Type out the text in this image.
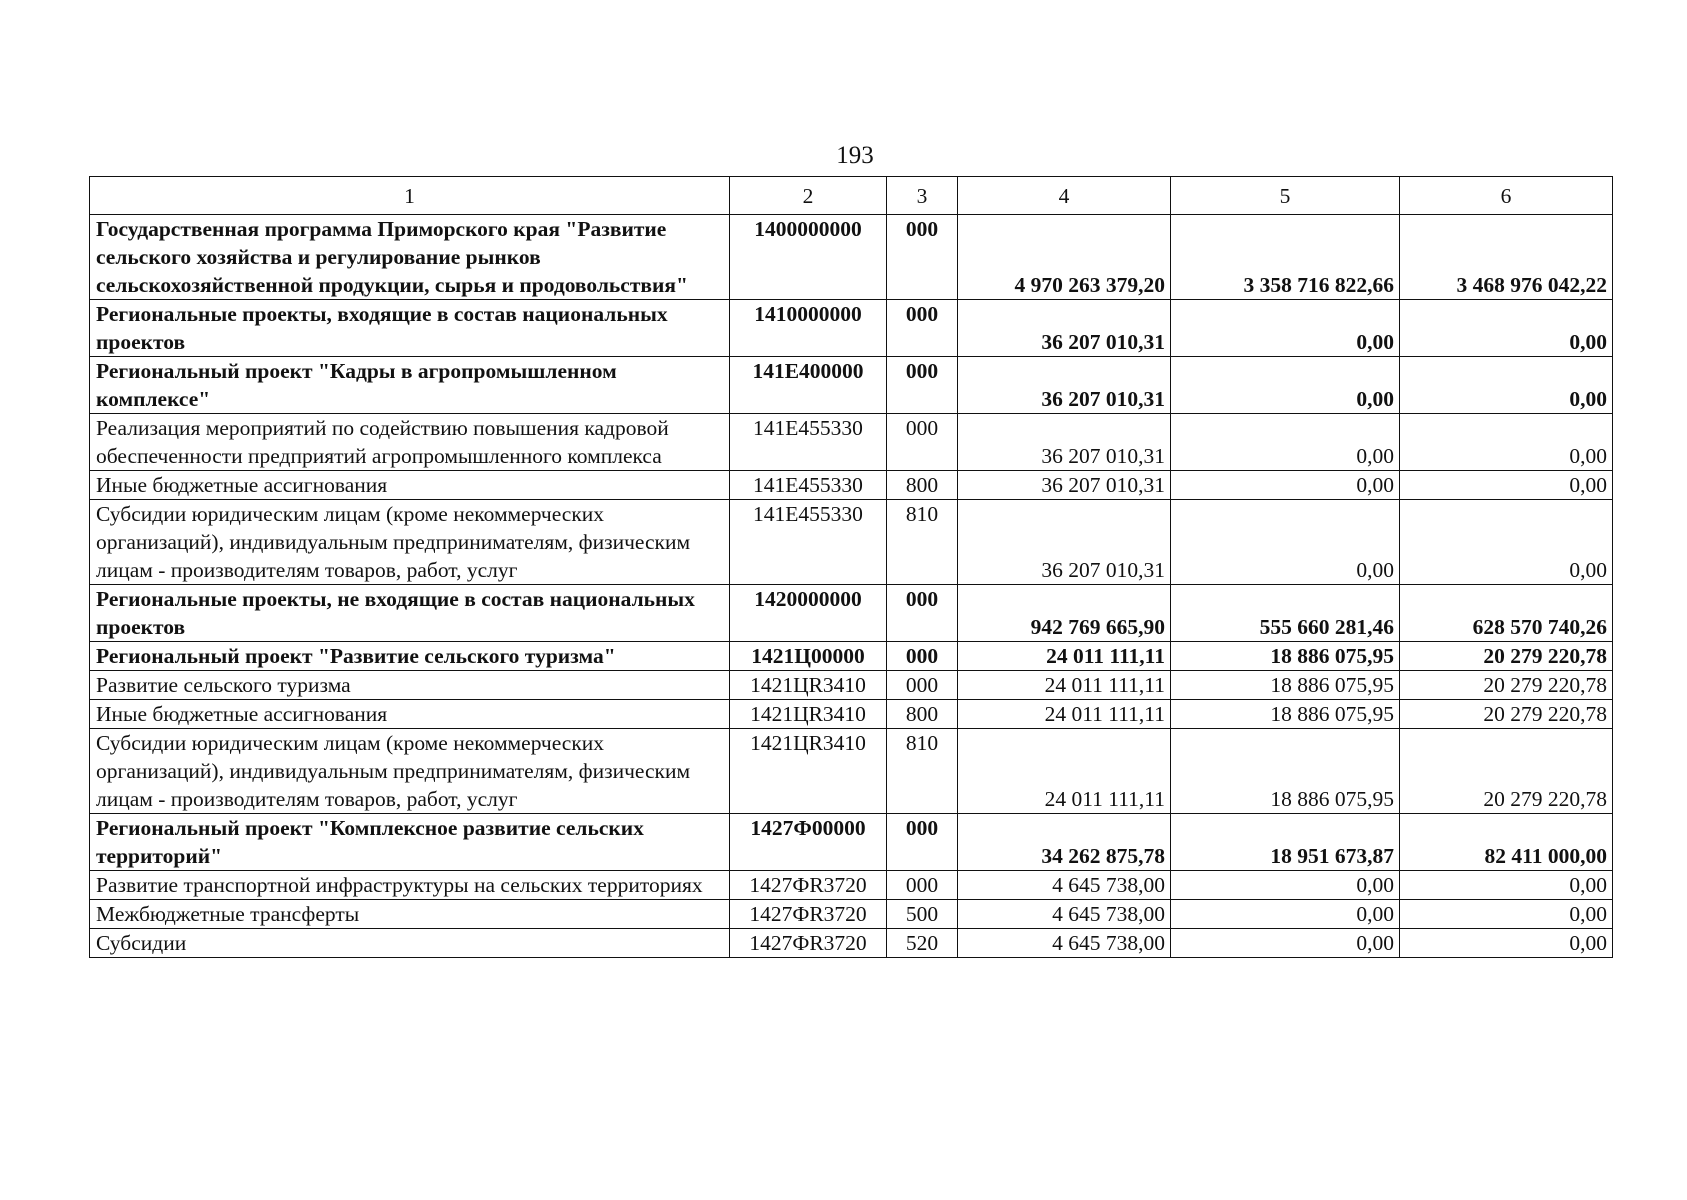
193
1	2	3	4	5	6
Государственная программа Приморского края "Развитие сельского хозяйства и регулирование рынков сельскохозяйственной продукции, сырья и продовольствия"	1400000000	000	4 970 263 379,20	3 358 716 822,66	3 468 976 042,22
Региональные проекты, входящие в состав национальных проектов	1410000000	000	36 207 010,31	0,00	0,00
Региональный проект "Кадры в агропромышленном комплексе"	141E400000	000	36 207 010,31	0,00	0,00
Реализация мероприятий по содействию повышения кадровой обеспеченности предприятий агропромышленного комплекса	141E455330	000	36 207 010,31	0,00	0,00
Иные бюджетные ассигнования	141E455330	800	36 207 010,31	0,00	0,00
Субсидии юридическим лицам (кроме некоммерческих организаций), индивидуальным предпринимателям, физическим лицам - производителям товаров, работ, услуг	141E455330	810	36 207 010,31	0,00	0,00
Региональные проекты, не входящие в состав национальных проектов	1420000000	000	942 769 665,90	555 660 281,46	628 570 740,26
Региональный проект "Развитие сельского туризма"	1421Ц00000	000	24 011 111,11	18 886 075,95	20 279 220,78
Развитие сельского туризма	1421ЦR3410	000	24 011 111,11	18 886 075,95	20 279 220,78
Иные бюджетные ассигнования	1421ЦR3410	800	24 011 111,11	18 886 075,95	20 279 220,78
Субсидии юридическим лицам (кроме некоммерческих организаций), индивидуальным предпринимателям, физическим лицам - производителям товаров, работ, услуг	1421ЦR3410	810	24 011 111,11	18 886 075,95	20 279 220,78
Региональный проект "Комплексное развитие сельских территорий"	1427Ф00000	000	34 262 875,78	18 951 673,87	82 411 000,00
Развитие транспортной инфраструктуры на сельских территориях	1427ФR3720	000	4 645 738,00	0,00	0,00
Межбюджетные трансферты	1427ФR3720	500	4 645 738,00	0,00	0,00
Субсидии	1427ФR3720	520	4 645 738,00	0,00	0,00
